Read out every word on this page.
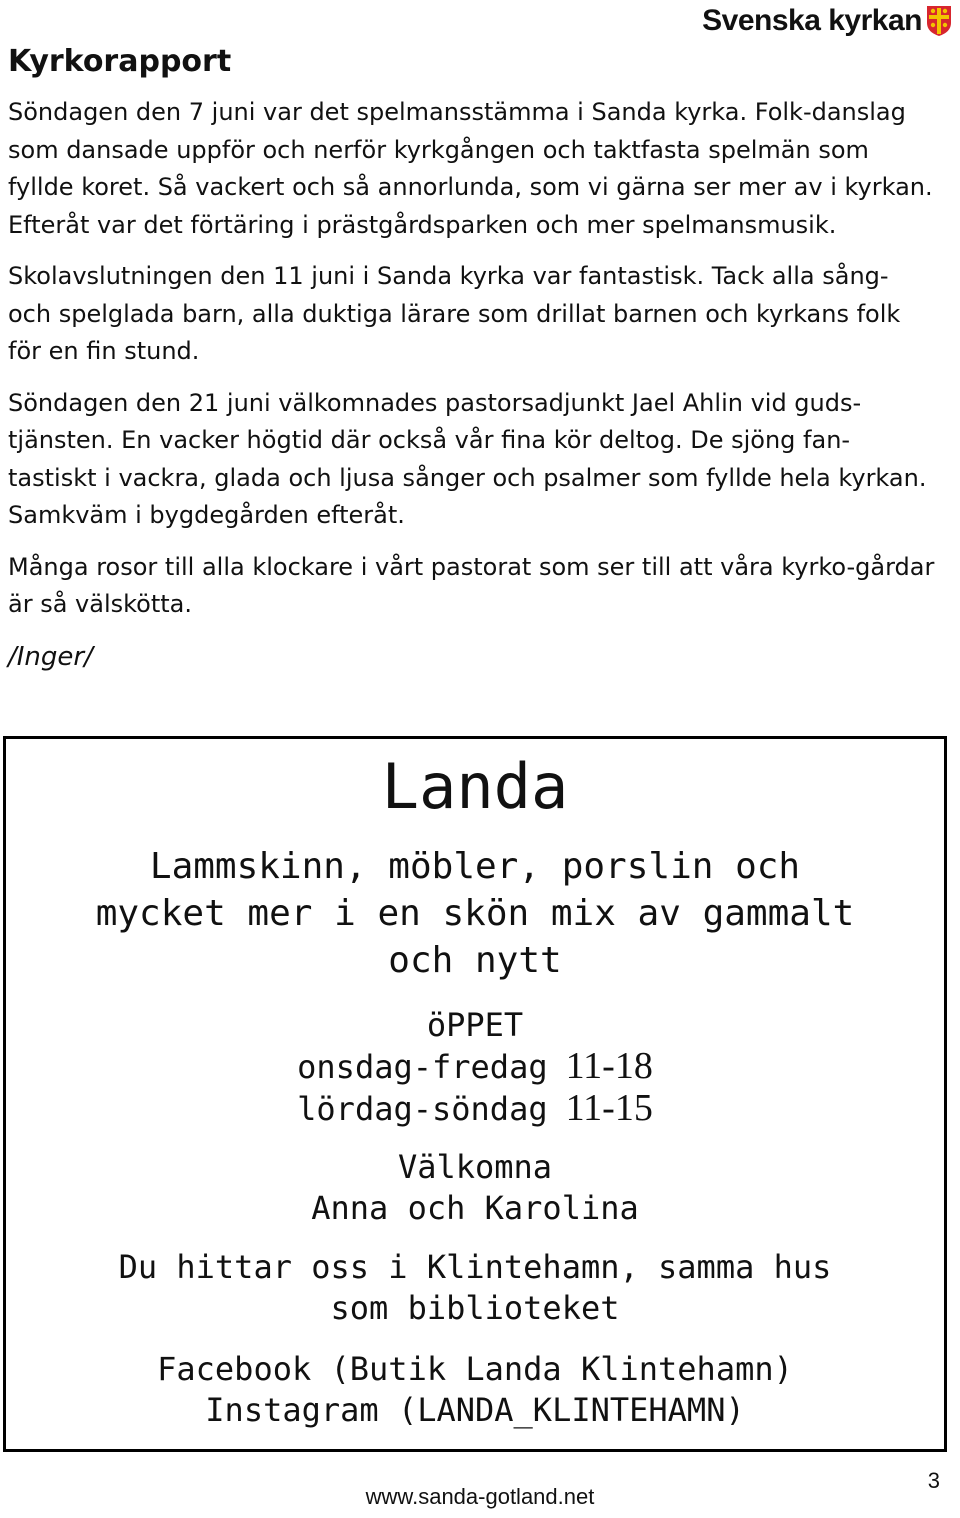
Svenska kyrkan
Kyrkorapport

Söndagen den 7 juni var det spelmansstämma i Sanda kyrka. Folk-danslag som dansade uppför och nerför kyrkgången och taktfasta spelmän som fyllde koret. Så vackert och så annorlunda, som vi gärna ser mer av i kyrkan. Efteråt var det förtäring i prästgårdsparken och mer spelmansmusik.

Skolavslutningen den 11 juni i Sanda kyrka var fantastisk. Tack alla sång- och spelglada barn, alla duktiga lärare som drillat barnen och kyrkans folk för en fin stund.

Söndagen den 21 juni välkomnades pastorsadjunkt Jael Ahlin vid guds-tjänsten. En vacker högtid där också vår fina kör deltog. De sjöng fan-tastiskt i vackra, glada och ljusa sånger och psalmer som fyllde hela kyrkan. Samkväm i bygdegården efteråt.

Många rosor till alla klockare i vårt pastorat som ser till att våra kyrko-gårdar är så välskötta.

/Inger/

Landa
Lammskinn, möbler, porslin och
mycket mer i en skön mix av gammalt
och nytt
öPPET
onsdag-fredag 11-18
lördag-söndag 11-15
Välkomna
Anna och Karolina
Du hittar oss i Klintehamn, samma hus
som biblioteket
Facebook (Butik Landa Klintehamn)
Instagram (LANDA_KLINTEHAMN)
3
www.sanda-gotland.net
